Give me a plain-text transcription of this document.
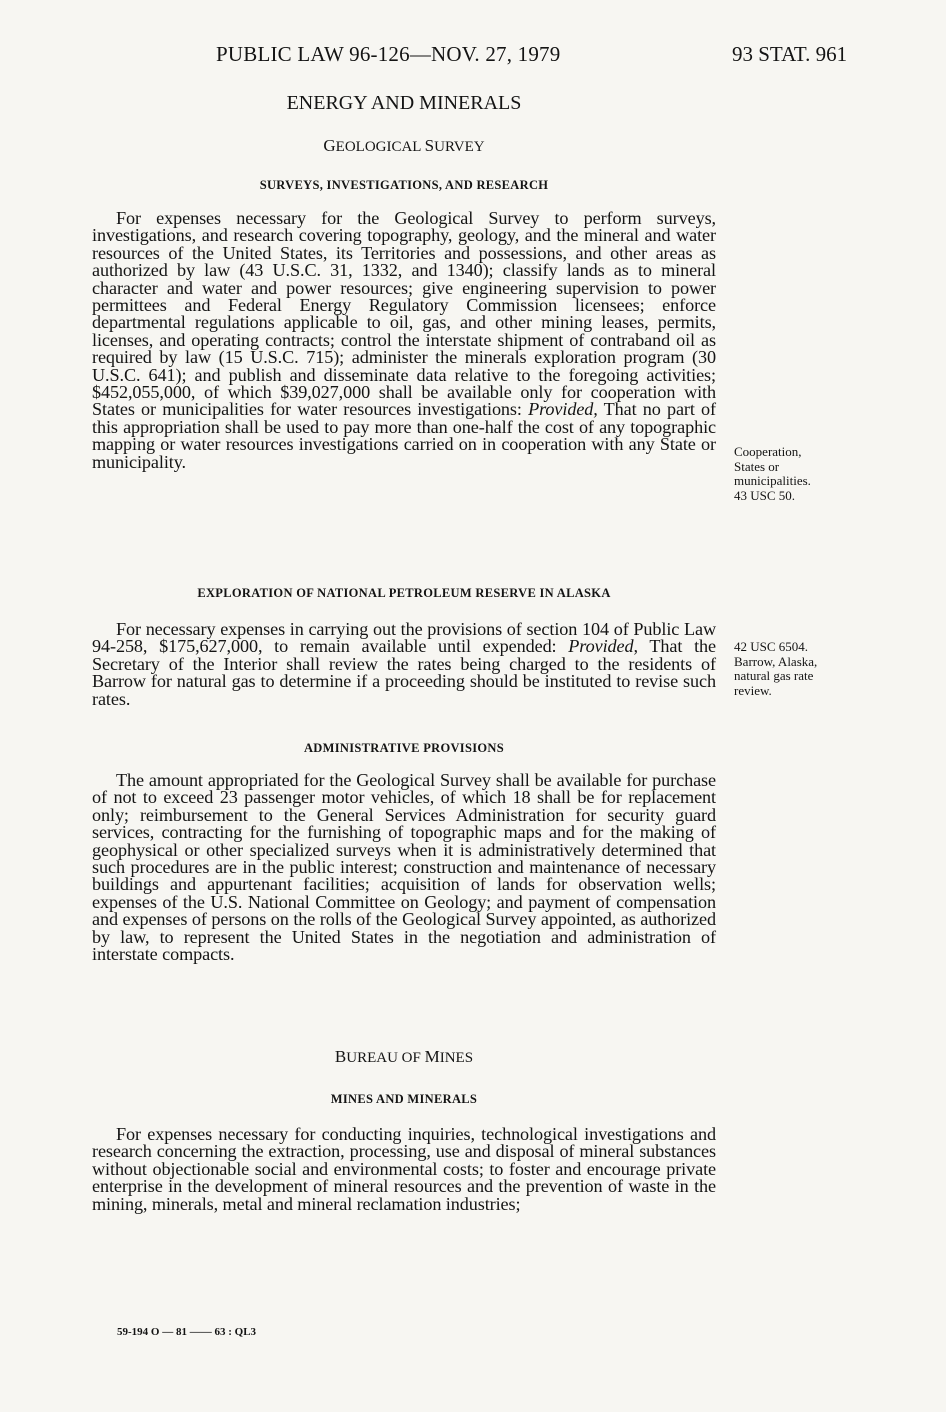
PUBLIC LAW 96-126—NOV. 27, 1979	93 STAT. 961
ENERGY AND MINERALS
GEOLOGICAL SURVEY
SURVEYS, INVESTIGATIONS, AND RESEARCH
For expenses necessary for the Geological Survey to perform surveys, investigations, and research covering topography, geology, and the mineral and water resources of the United States, its Territories and possessions, and other areas as authorized by law (43 U.S.C. 31, 1332, and 1340); classify lands as to mineral character and water and power resources; give engineering supervision to power permittees and Federal Energy Regulatory Commission licensees; enforce departmental regulations applicable to oil, gas, and other mining leases, permits, licenses, and operating contracts; control the interstate shipment of contraband oil as required by law (15 U.S.C. 715); administer the minerals exploration program (30 U.S.C. 641); and publish and disseminate data relative to the foregoing activities; $452,055,000, of which $39,027,000 shall be available only for cooperation with States or municipalities for water resources investigations: Provided, That no part of this appropriation shall be used to pay more than one-half the cost of any topographic mapping or water resources investigations carried on in cooperation with any State or municipality.
Cooperation,
States or
municipalities.
43 USC 50.
EXPLORATION OF NATIONAL PETROLEUM RESERVE IN ALASKA
For necessary expenses in carrying out the provisions of section 104 of Public Law 94-258, $175,627,000, to remain available until expended: Provided, That the Secretary of the Interior shall review the rates being charged to the residents of Barrow for natural gas to determine if a proceeding should be instituted to revise such rates.
42 USC 6504.
Barrow, Alaska,
natural gas rate
review.
ADMINISTRATIVE PROVISIONS
The amount appropriated for the Geological Survey shall be available for purchase of not to exceed 23 passenger motor vehicles, of which 18 shall be for replacement only; reimbursement to the General Services Administration for security guard services, contracting for the furnishing of topographic maps and for the making of geophysical or other specialized surveys when it is administratively determined that such procedures are in the public interest; construction and maintenance of necessary buildings and appurtenant facilities; acquisition of lands for observation wells; expenses of the U.S. National Committee on Geology; and payment of compensation and expenses of persons on the rolls of the Geological Survey appointed, as authorized by law, to represent the United States in the negotiation and administration of interstate compacts.
BUREAU OF MINES
MINES AND MINERALS
For expenses necessary for conducting inquiries, technological investigations and research concerning the extraction, processing, use and disposal of mineral substances without objectionable social and environmental costs; to foster and encourage private enterprise in the development of mineral resources and the prevention of waste in the mining, minerals, metal and mineral reclamation industries;
59-194 O — 81 —— 63 : QL3
